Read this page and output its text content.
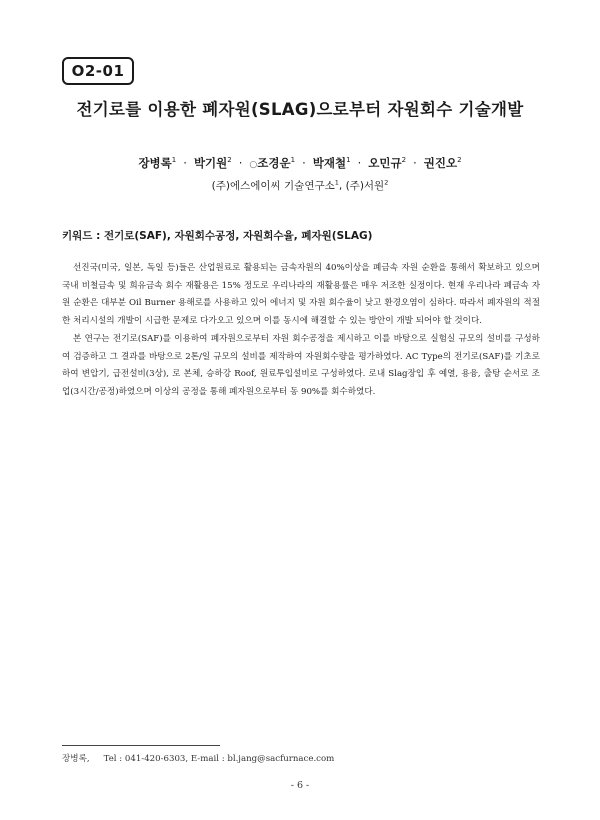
O2-01
전기로를 이용한 폐자원(SLAG)으로부터 자원회수 기술개발
장병록$^1$ · 박기원$^2$ · ○조경운$^1$ · 박재철$^1$ · 오민규$^2$ · 권진오$^2$
(주)에스에이씨 기술연구소$^1$, (주)서원$^2$
키워드 : 전기로(SAF), 자원회수공정, 자원회수율, 폐자원(SLAG)

선진국(미국, 일본, 독일 등)들은 산업원료로 활용되는 금속자원의 40%이상을 폐금속 자원 순환을 통해서 확보하고 있으며 국내 비철금속 및 희유금속 회수 재활용은 15% 정도로 우리나라의 재활용률은 매우 저조한 실정이다. 현재 우리나라 폐금속 자원 순환은 대부분 Oil Burner 용해로를 사용하고 있어 에너지 및 자원 회수율이 낮고 환경오염이 심하다. 따라서 폐자원의 적절한 처리시설의 개발이 시급한 문제로 다가오고 있으며 이를 동시에 해결할 수 있는 방안이 개발 되어야 할 것이다.

본 연구는 전기로(SAF)를 이용하여 폐자원으로부터 자원 회수공정을 제시하고 이를 바탕으로 실험실 규모의 설비를 구성하여 검증하고 그 결과를 바탕으로 2톤/일 규모의 설비를 제작하여 자원회수량을 평가하였다. AC Type의 전기로(SAF)를 기초로 하여 변압기, 급전설비(3상), 로 본체, 승하강 Roof, 원료투입설비로 구성하였다. 로내 Slag장입 후 예열, 용융, 출탕 순서로 조업(3시간/공정)하였으며 이상의 공정을 통해 폐자원으로부터 동 90%를 회수하였다.

장병록, Tel : 041-420-6303, E-mail : bl.jang@sacfurnace.com
- 6 -
